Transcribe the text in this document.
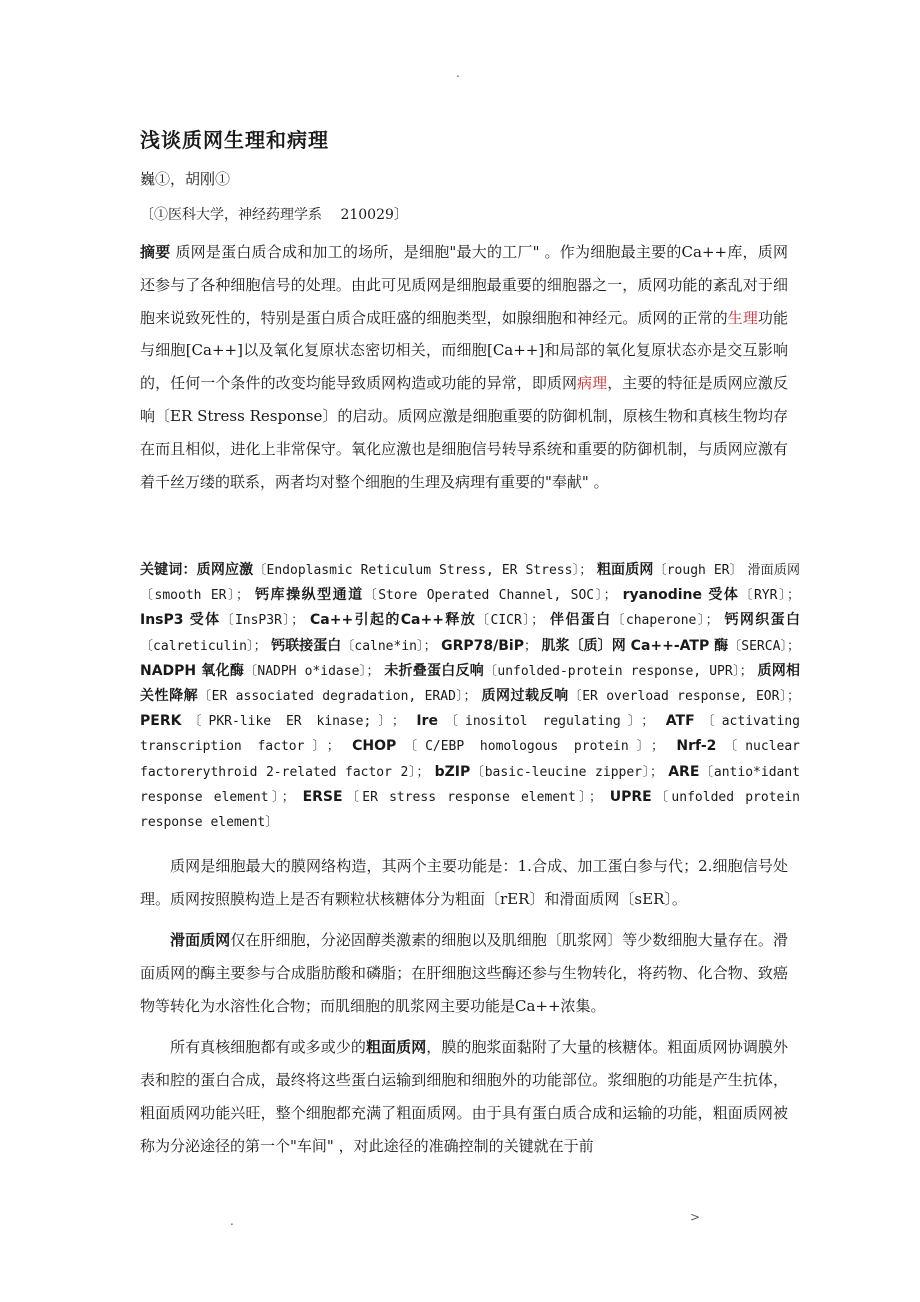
.
浅谈质网生理和病理
巍①，胡刚①
〔①医科大学，神经药理学系　 210029〕
摘要 质网是蛋白质合成和加工的场所，是细胞"最大的工厂" 。作为细胞最主要的Ca++库，质网还参与了各种细胞信号的处理。由此可见质网是细胞最重要的细胞器之一，质网功能的紊乱对于细胞来说致死性的，特别是蛋白质合成旺盛的细胞类型，如腺细胞和神经元。质网的正常的生理功能与细胞[Ca++]以及氧化复原状态密切相关，而细胞[Ca++]和局部的氧化复原状态亦是交互影响的，任何一个条件的改变均能导致质网构造或功能的异常，即质网病理，主要的特征是质网应激反响〔ER Stress Response〕的启动。质网应激是细胞重要的防御机制，原核生物和真核生物均存在而且相似，进化上非常保守。氧化应激也是细胞信号转导系统和重要的防御机制，与质网应激有着千丝万缕的联系，两者均对整个细胞的生理及病理有重要的"奉献" 。
关键词：质网应激〔Endoplasmic Reticulum Stress, ER Stress〕； 粗面质网〔rough ER〕 滑面质网〔smooth ER〕； 钙库操纵型通道〔Store Operated Channel, SOC〕； ryanodine 受体〔RYR〕； InsP3 受体〔InsP3R〕； Ca++引起的Ca++释放〔CICR〕； 伴侣蛋白〔chaperone〕； 钙网织蛋白〔calreticulin〕； 钙联接蛋白〔calne*in〕； GRP78/BiP； 肌浆〔质〕网 Ca++-ATP 酶〔SERCA〕； NADPH 氧化酶〔NADPH o*idase〕； 未折叠蛋白反响〔unfolded-protein response, UPR〕； 质网相关性降解〔ER associated degradation, ERAD〕； 质网过载反响〔ER overload response, EOR〕； PERK〔PKR-like ER kinase;〕； Ire〔inositol regulating〕； ATF〔activating transcription factor〕； CHOP〔C/EBP homologous protein〕； Nrf-2〔nuclear factorerythroid 2-related factor 2〕； bZIP〔basic-leucine zipper〕； ARE〔antio*idant response element〕； ERSE〔ER stress response element〕； UPRE〔unfolded protein response element〕
质网是细胞最大的膜网络构造，其两个主要功能是：1.合成、加工蛋白参与代；2.细胞信号处理。质网按照膜构造上是否有颗粒状核糖体分为粗面〔rER〕和滑面质网〔sER〕。
滑面质网仅在肝细胞，分泌固醇类激素的细胞以及肌细胞〔肌浆网〕等少数细胞大量存在。滑面质网的酶主要参与合成脂肪酸和磷脂；在肝细胞这些酶还参与生物转化，将药物、化合物、致癌物等转化为水溶性化合物；而肌细胞的肌浆网主要功能是Ca++浓集。
所有真核细胞都有或多或少的粗面质网，膜的胞浆面黏附了大量的核糖体。粗面质网协调膜外表和腔的蛋白合成，最终将这些蛋白运输到细胞和细胞外的功能部位。浆细胞的功能是产生抗体，粗面质网功能兴旺，整个细胞都充满了粗面质网。由于具有蛋白质合成和运输的功能，粗面质网被称为分泌途径的第一个"车间" ，对此途径的准确控制的关键就在于前
.	>
